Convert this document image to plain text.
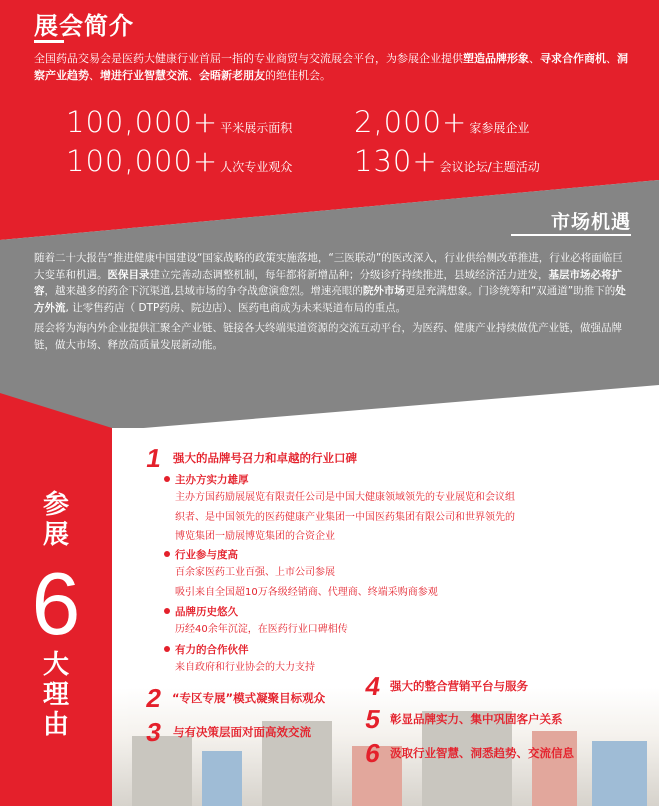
展会简介
全国药品交易会是医药大健康行业首屈一指的专业商贸与交流展会平台，为参展企业提供塑造品牌形象、寻求合作商机、洞察产业趋势、增进行业智慧交流、会晤新老朋友的绝佳机会。
100,000+ 平米展示面积 2,000+ 家参展企业
100,000+ 人次专业观众 130+ 会议论坛/主题活动
市场机遇

随着二十大报告“推进健康中国建设“国家战略的政策实施落地，“三医联动”的医改深入，行业供给侧改革推进，行业必将面临巨大变革和机遇。医保目录建立完善动态调整机制，每年都将新增品种；分级诊疗持续推进，县域经济活力迸发，基层市场必将扩容，越来越多的药企下沉渠道,县域市场的争夺战愈演愈烈。增速亮眼的院外市场更是充满想象。门诊统筹和“双通道”助推下的处方外流, 让零售药店（ DTP药房、院边店）、医药电商成为未来渠道布局的重点。

展会将为海内外企业提供汇聚全产业链、链接各大终端渠道资源的交流互动平台，为医药、健康产业持续做优产业链，做强品牌链，做大市场、释放高质量发展新动能。

参
展
6
大
理
由
1 强大的品牌号召力和卓越的行业口碑
主办方实力雄厚
主办方国药励展展览有限责任公司是中国大健康领域领先的专业展览和会议组
织者、是中国领先的医药健康产业集团一中国医药集团有限公司和世界领先的
博览集团一励展博览集团的合资企业
行业参与度高
百余家医药工业百强、上市公司参展
吸引来自全国超10万各级经销商、代理商、终端采购商参观
品牌历史悠久
历经40余年沉淀，在医药行业口碑相传
有力的合作伙伴
来自政府和行业协会的大力支持
2 “专区专展”模式凝聚目标观众
3 与有决策层面对面高效交流
4 强大的整合营销平台与服务
5 彰显品牌实力、集中巩固客户关系
6 汲取行业智慧、洞悉趋势、交流信息
